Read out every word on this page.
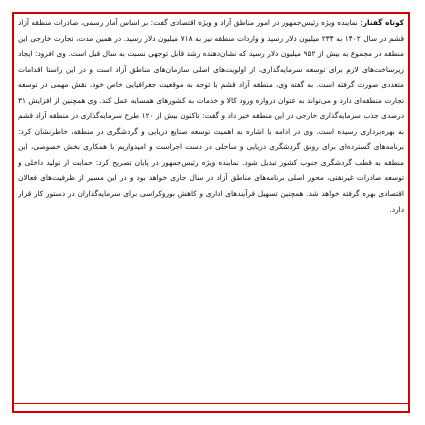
کوتاه گفتار: نماینده ویژه رئیس‌جمهور در امور مناطق آزاد و ویژه اقتصادی گفت: بر اساس آمار رسمی، صادرات منطقه آزاد قشم در سال ۱۴۰۲ به ۲۳۴ میلیون دلار رسید و واردات منطقه نیز به ۷۱۸ میلیون دلار رسید. در همین مدت، تجارت خارجی این منطقه در مجموع به بیش از ۹۵۲ میلیون دلار رسید که نشان‌دهنده رشد قابل توجهی نسبت به سال قبل است. وی افزود: ایجاد زیرساخت‌های لازم برای توسعه سرمایه‌گذاری، از اولویت‌های اصلی سازمان‌های مناطق آزاد است و در این راستا اقدامات متعددی صورت گرفته است. به گفته وی، منطقه آزاد قشم با توجه به موقعیت جغرافیایی خاص خود، نقش مهمی در توسعه تجارت منطقه‌ای دارد و می‌تواند به عنوان دروازه ورود کالا و خدمات به کشورهای همسایه عمل کند. وی همچنین از افزایش ۳۱ درصدی جذب سرمایه‌گذاری خارجی در این منطقه خبر داد و گفت: تاکنون بیش از ۱۲۰ طرح سرمایه‌گذاری در منطقه آزاد قشم به بهره‌برداری رسیده است. وی در ادامه با اشاره به اهمیت توسعه صنایع دریایی و گردشگری در منطقه، خاطرنشان کرد: برنامه‌های گسترده‌ای برای رونق گردشگری دریایی و ساحلی در دست اجراست و امیدواریم با همکاری بخش خصوصی، این منطقه به قطب گردشگری جنوب کشور تبدیل شود. نماینده ویژه رئیس‌جمهور در پایان تصریح کرد: حمایت از تولید داخلی و توسعه صادرات غیرنفتی، محور اصلی برنامه‌های مناطق آزاد در سال جاری خواهد بود و در این مسیر از ظرفیت‌های فعالان اقتصادی بهره گرفته خواهد شد. همچنین تسهیل فرآیندهای اداری و کاهش بوروکراسی برای سرمایه‌گذاران در دستور کار قرار دارد.
